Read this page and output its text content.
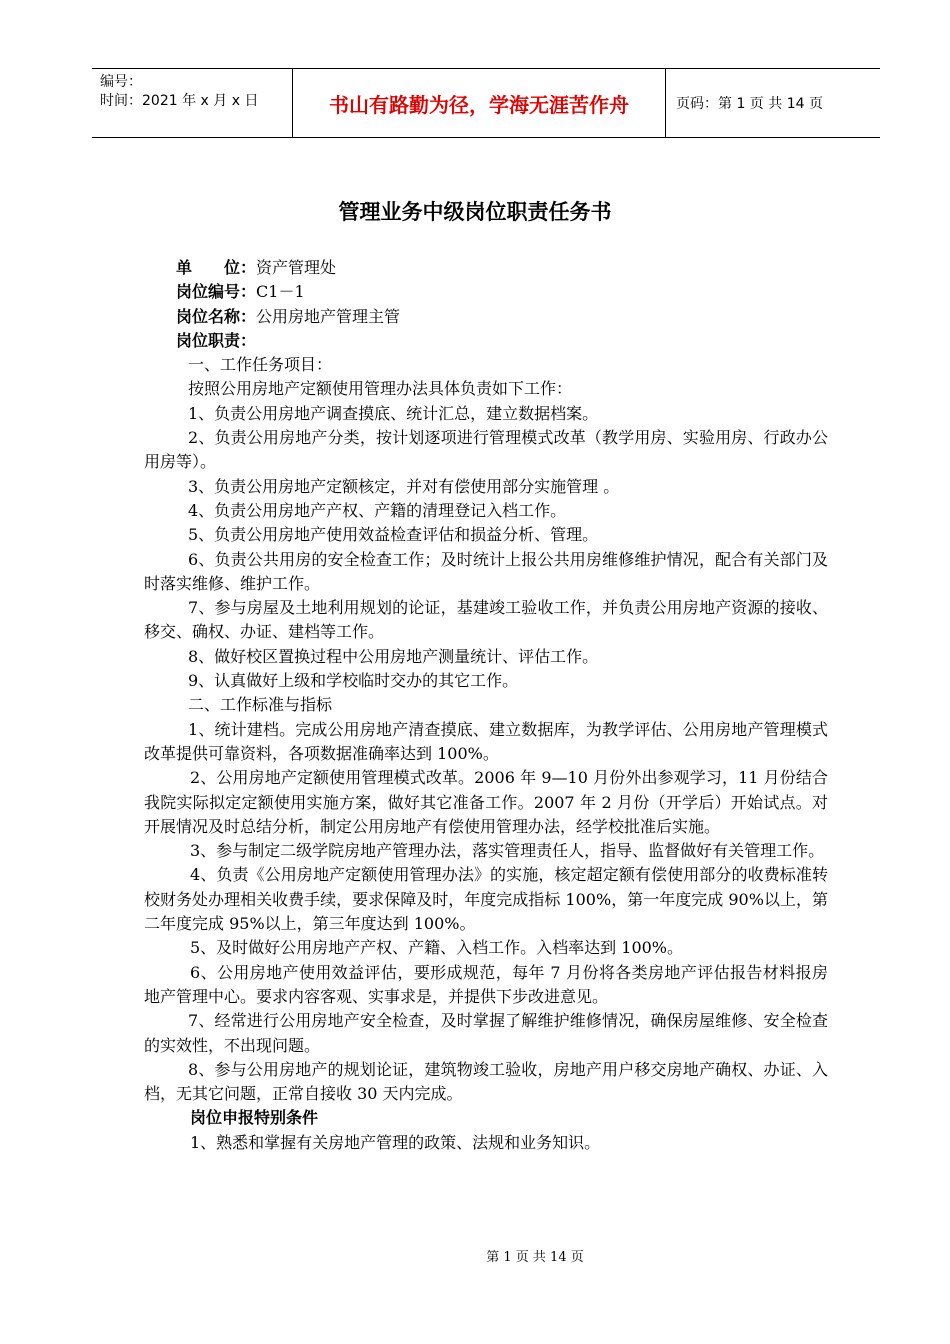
编号：
时间：2021 年 x 月 x 日	书山有路勤为径，学海无涯苦作舟	页码：第 1 页 共 14 页
管理业务中级岗位职责任务书
单　　位：资产管理处
岗位编号：C1－1
岗位名称：公用房地产管理主管
岗位职责：
一、工作任务项目：
按照公用房地产定额使用管理办法具体负责如下工作：
1、负责公用房地产调查摸底、统计汇总，建立数据档案。
2、负责公用房地产分类，按计划逐项进行管理模式改革（教学用房、实验用房、行政办公用房等）。
3、负责公用房地产定额核定，并对有偿使用部分实施管理 。
4、负责公用房地产产权、产籍的清理登记入档工作。
5、负责公用房地产使用效益检查评估和损益分析、管理。
6、负责公共用房的安全检查工作；及时统计上报公共用房维修维护情况，配合有关部门及时落实维修、维护工作。
7、参与房屋及土地利用规划的论证，基建竣工验收工作，并负责公用房地产资源的接收、移交、确权、办证、建档等工作。
8、做好校区置换过程中公用房地产测量统计、评估工作。
9、认真做好上级和学校临时交办的其它工作。
二、工作标准与指标
1、统计建档。完成公用房地产清查摸底、建立数据库，为教学评估、公用房地产管理模式改革提供可靠资料，各项数据准确率达到 100%。
2、公用房地产定额使用管理模式改革。2006 年 9—10 月份外出参观学习，11 月份结合我院实际拟定定额使用实施方案，做好其它准备工作。2007 年 2 月份（开学后）开始试点。对开展情况及时总结分析，制定公用房地产有偿使用管理办法，经学校批准后实施。
3、参与制定二级学院房地产管理办法，落实管理责任人，指导、监督做好有关管理工作。
4、负责《公用房地产定额使用管理办法》的实施，核定超定额有偿使用部分的收费标准转校财务处办理相关收费手续，要求保障及时，年度完成指标 100%，第一年度完成 90%以上，第二年度完成 95%以上，第三年度达到 100%。
5、及时做好公用房地产产权、产籍、入档工作。入档率达到 100%。
6、公用房地产使用效益评估，要形成规范，每年 7 月份将各类房地产评估报告材料报房地产管理中心。要求内容客观、实事求是，并提供下步改进意见。
7、经常进行公用房地产安全检查，及时掌握了解维护维修情况，确保房屋维修、安全检查的实效性，不出现问题。
8、参与公用房地产的规划论证，建筑物竣工验收，房地产用户移交房地产确权、办证、入档，无其它问题，正常自接收 30 天内完成。
岗位申报特别条件
1、熟悉和掌握有关房地产管理的政策、法规和业务知识。
第 1 页 共 14 页
